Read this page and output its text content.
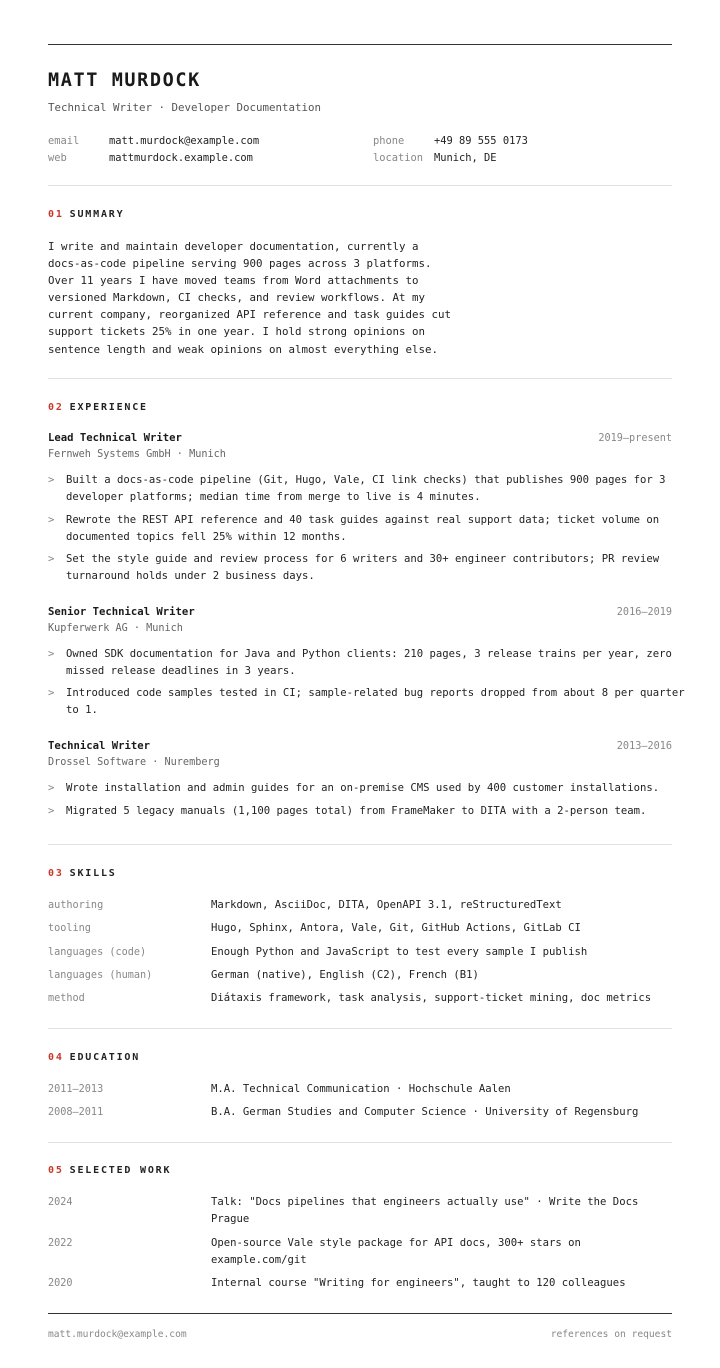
MATT MURDOCK
Technical Writer · Developer Documentation
email	matt.murdock@example.com
web	mattmurdock.example.com
phone	+49 89 555 0173
location Munich, DE
01 SUMMARY
I write and maintain developer documentation, currently a
docs-as-code pipeline serving 900 pages across 3 platforms.
Over 11 years I have moved teams from Word attachments to
versioned Markdown, CI checks, and review workflows. At my
current company, reorganized API reference and task guides cut
support tickets 25% in one year. I hold strong opinions on
sentence length and weak opinions on almost everything else.
02 EXPERIENCE
Lead Technical Writer	2019–present
Fernweh Systems GmbH · Munich
> Built a docs-as-code pipeline (Git, Hugo, Vale, CI link checks) that publishes 900 pages for 3
developer platforms; median time from merge to live is 4 minutes.
> Rewrote the REST API reference and 40 task guides against real support data; ticket volume on
documented topics fell 25% within 12 months.
> Set the style guide and review process for 6 writers and 30+ engineer contributors; PR review
turnaround holds under 2 business days.
Senior Technical Writer	2016–2019
Kupferwerk AG · Munich
> Owned SDK documentation for Java and Python clients: 210 pages, 3 release trains per year, zero
missed release deadlines in 3 years.
> Introduced code samples tested in CI; sample-related bug reports dropped from about 8 per quarter
to 1.
Technical Writer	2013–2016
Drossel Software · Nuremberg
> Wrote installation and admin guides for an on-premise CMS used by 400 customer installations.
> Migrated 5 legacy manuals (1,100 pages total) from FrameMaker to DITA with a 2-person team.
03 SKILLS
authoring	Markdown, AsciiDoc, DITA, OpenAPI 3.1, reStructuredText
tooling	Hugo, Sphinx, Antora, Vale, Git, GitHub Actions, GitLab CI
languages (code)	Enough Python and JavaScript to test every sample I publish
languages (human)	German (native), English (C2), French (B1)
method	Diátaxis framework, task analysis, support-ticket mining, doc metrics
04 EDUCATION
2011–2013	M.A. Technical Communication · Hochschule Aalen
2008–2011	B.A. German Studies and Computer Science · University of Regensburg
05 SELECTED WORK
2024	Talk: "Docs pipelines that engineers actually use" · Write the Docs
Prague
2022	Open-source Vale style package for API docs, 300+ stars on
example.com/git
2020	Internal course "Writing for engineers", taught to 120 colleagues
matt.murdock@example.com	references on request
